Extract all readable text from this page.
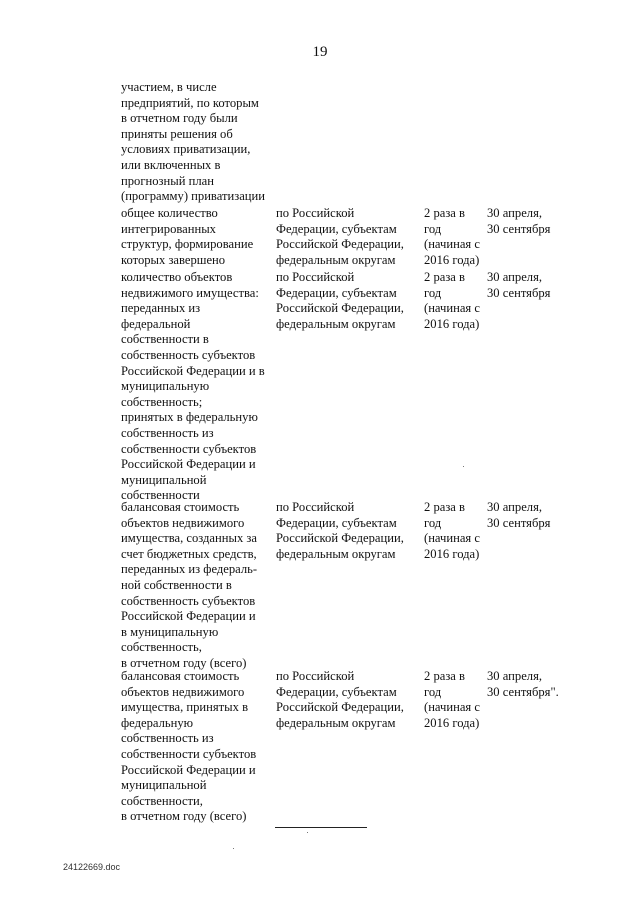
19
участием, в числе
предприятий, по которым
в отчетном году были
приняты решения об
условиях приватизации,
или включенных в
прогнозный план
(программу) приватизации
общее количество
интегрированных
структур, формирование
которых завершено
по Российской
Федерации, субъектам
Российской Федерации,
федеральным округам
2 раза в
год
(начиная с
2016 года)
30 апреля,
30 сентября
количество объектов
недвижимого имущества:
переданных из
федеральной
собственности в
собственность субъектов
Российской Федерации и в
муниципальную
собственность;
принятых в федеральную
собственность из
собственности субъектов
Российской Федерации и
муниципальной
собственности
по Российской
Федерации, субъектам
Российской Федерации,
федеральным округам
2 раза в
год
(начиная с
2016 года)
30 апреля,
30 сентября
балансовая стоимость
объектов недвижимого
имущества, созданных за
счет бюджетных средств,
переданных из федераль-
ной собственности в
собственность субъектов
Российской Федерации и
в муниципальную
собственность,
в отчетном году (всего)
по Российской
Федерации, субъектам
Российской Федерации,
федеральным округам
2 раза в
год
(начиная с
2016 года)
30 апреля,
30 сентября
балансовая стоимость
объектов недвижимого
имущества, принятых в
федеральную
собственность из
собственности субъектов
Российской Федерации и
муниципальной
собственности,
в отчетном году (всего)
по Российской
Федерации, субъектам
Российской Федерации,
федеральным округам
2 раза в
год
(начиная с
2016 года)
30 апреля,
30 сентября".
24122669.doc
